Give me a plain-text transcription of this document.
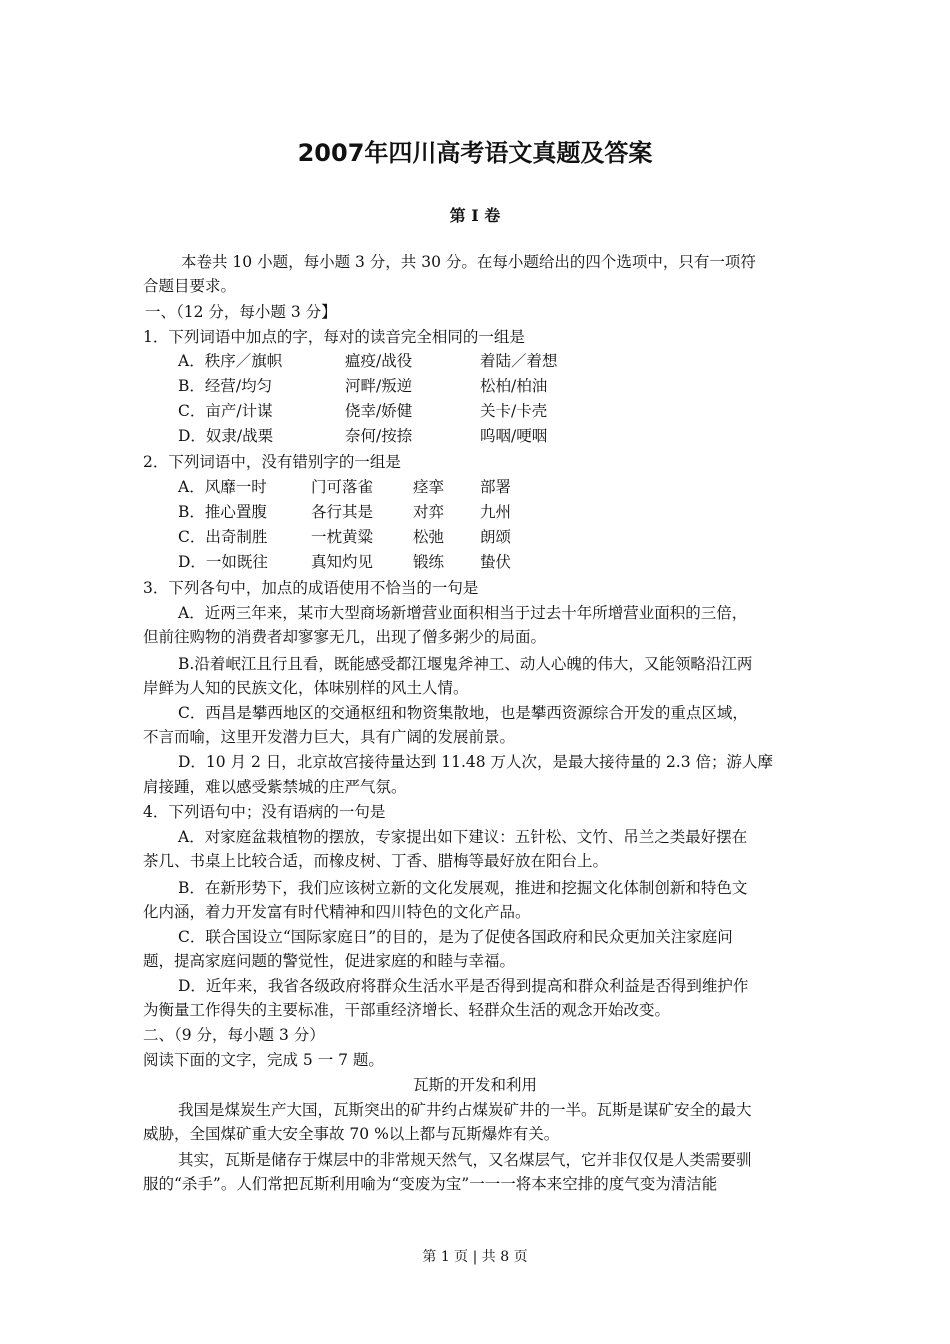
2007年四川高考语文真题及答案
第 I 卷
本卷共 10 小题，每小题 3 分，共 30 分。在每小题给出的四个选项中，只有一项符
合题目要求。
一、（12 分，每小题 3 分】
1．下列词语中加点的字，每对的读音完全相同的一组是
A．秩序／旗帜	瘟疫/战役	着陆／着想
B．经营/均匀	河畔/叛逆	松柏/柏油
C．亩产/计谋	侥幸/娇健	关卡/卡壳
D．奴隶/战栗	奈何/按捺	呜咽/哽咽
2．下列词语中，没有错别字的一组是
A．风靡一时	门可落雀	痉挛 部署
B．推心置腹	各行其是	对弈 九州
C．出奇制胜	一枕黄粱	松弛 朗颂
D．一如既往	真知灼见	锻练 蛰伏
3．下列各句中，加点的成语使用不恰当的一句是
A．近两三年来，某市大型商场新增营业面积相当于过去十年所增营业面积的三倍，
但前往购物的消费者却寥寥无几，出现了僧多粥少的局面。
B.沿着岷江且行且看，既能感受都江堰鬼斧神工、动人心魄的伟大，又能领略沿江两
岸鲜为人知的民族文化，体味别样的风土人情。
C．西昌是攀西地区的交通枢纽和物资集散地，也是攀西资源综合开发的重点区域，
不言而喻，这里开发潜力巨大，具有广阔的发展前景。
D．10 月 2 日，北京故宫接待量达到 11.48 万人次，是最大接待量的 2.3 倍；游人摩
肩接踵，难以感受紫禁城的庄严气氛。
4．下列语句中；没有语病的一句是
A．对家庭盆栽植物的摆放，专家提出如下建议：五针松、文竹、吊兰之类最好摆在
茶几、书桌上比较合适，而橡皮树、丁香、腊梅等最好放在阳台上。
B．在新形势下，我们应该树立新的文化发展观，推进和挖掘文化体制创新和特色文
化内涵，着力开发富有时代精神和四川特色的文化产品。
C．联合国设立“国际家庭日”的目的，是为了促使各国政府和民众更加关注家庭问
题，提高家庭问题的警觉性，促进家庭的和睦与幸福。
D．近年来，我省各级政府将群众生活水平是否得到提高和群众利益是否得到维护作
为衡量工作得失的主要标准，干部重经济增长、轻群众生活的观念开始改变。
二、（9 分，每小题 3 分）
阅读下面的文字，完成 5 一 7 题。
瓦斯的开发和利用
我国是煤炭生产大国，瓦斯突出的矿井约占煤炭矿井的一半。瓦斯是谋矿安全的最大
威胁，全国煤矿重大安全事故 70 %以上都与瓦斯爆炸有关。
其实，瓦斯是储存于煤层中的非常规天然气，又名煤层气，它并非仅仅是人类需要驯
服的“杀手”。人们常把瓦斯利用喻为“变废为宝”一一一将本来空排的度气变为清洁能
第 1 页 | 共 8 页
